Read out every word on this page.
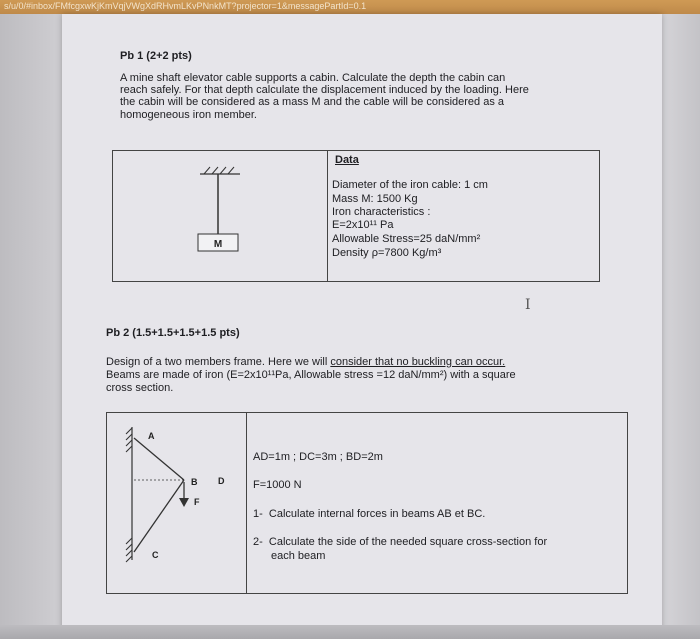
s/u/0/#inbox/FMfcgxwKjKmVqjVWgXdRHvmLKvPNnkMT?projector=1&messagePartId=0.1
Pb 1 (2+2 pts)
A mine shaft elevator cable supports a cabin. Calculate the depth the cabin can
reach safely. For that depth calculate the displacement induced by the loading. Here
the cabin will be considered as a mass M and the cable will be considered as a
homogeneous iron member.
M
Data
Diameter of the iron cable: 1 cm
Mass M: 1500 Kg
Iron characteristics :
E=2x10¹¹ Pa
Allowable Stress=25 daN/mm²
Density ρ=7800 Kg/m³
I
Pb 2 (1.5+1.5+1.5+1.5 pts)
Design of a two members frame. Here we will consider that no buckling can occur.
Beams are made of iron (E=2x10¹¹Pa, Allowable stress =12 daN/mm²) with a square
cross section.
A
B D
F
C
AD=1m ; DC=3m ; BD=2m
F=1000 N
1- Calculate internal forces in beams AB et BC.
2- Calculate the side of the needed square cross-section for
each beam
